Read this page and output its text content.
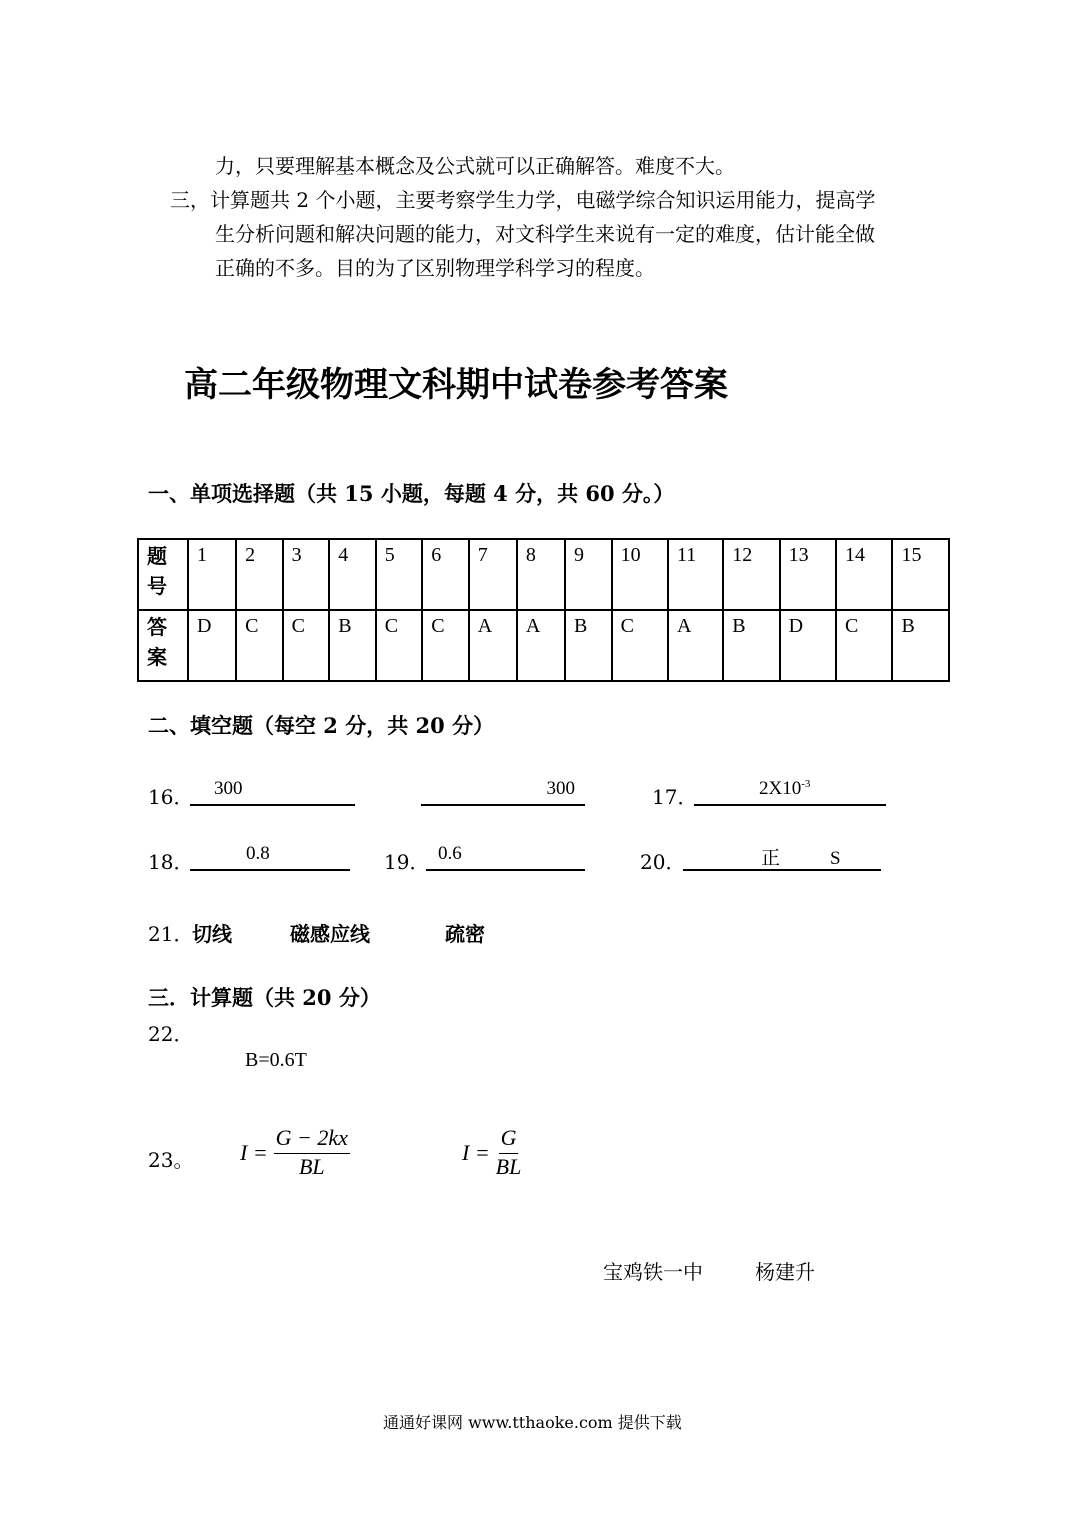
力，只要理解基本概念及公式就可以正确解答。难度不大。
三，计算题共 2 个小题，主要考察学生力学，电磁学综合知识运用能力，提高学
生分析问题和解决问题的能力，对文科学生来说有一定的难度，估计能全做
正确的不多。目的为了区别物理学科学习的程度。
高二年级物理文科期中试卷参考答案
一、单项选择题（共 15 小题，每题 4 分，共 60 分。）
题号	1	2	3	4	5	6	7	8	9	10	11	12	13	14	15
答案	D	C	C	B	C	C	A	A	B	C	A	B	D	C	B
二、填空题（每空 2 分，共 20 分）
16．	300	300	17．	$2X10^{-3}$
18．	0.8	19． 0.6	20．	正	S
21．
切线	磁感应线	疏密
三．计算题（共 20 分）
22．
B=0.6T
23。 $I = \frac{G - 2kx}{BL}$	$I = \frac{G}{BL}$
宝鸡铁一中	杨建升
通通好课网 www.tthaoke.com 提供下载
